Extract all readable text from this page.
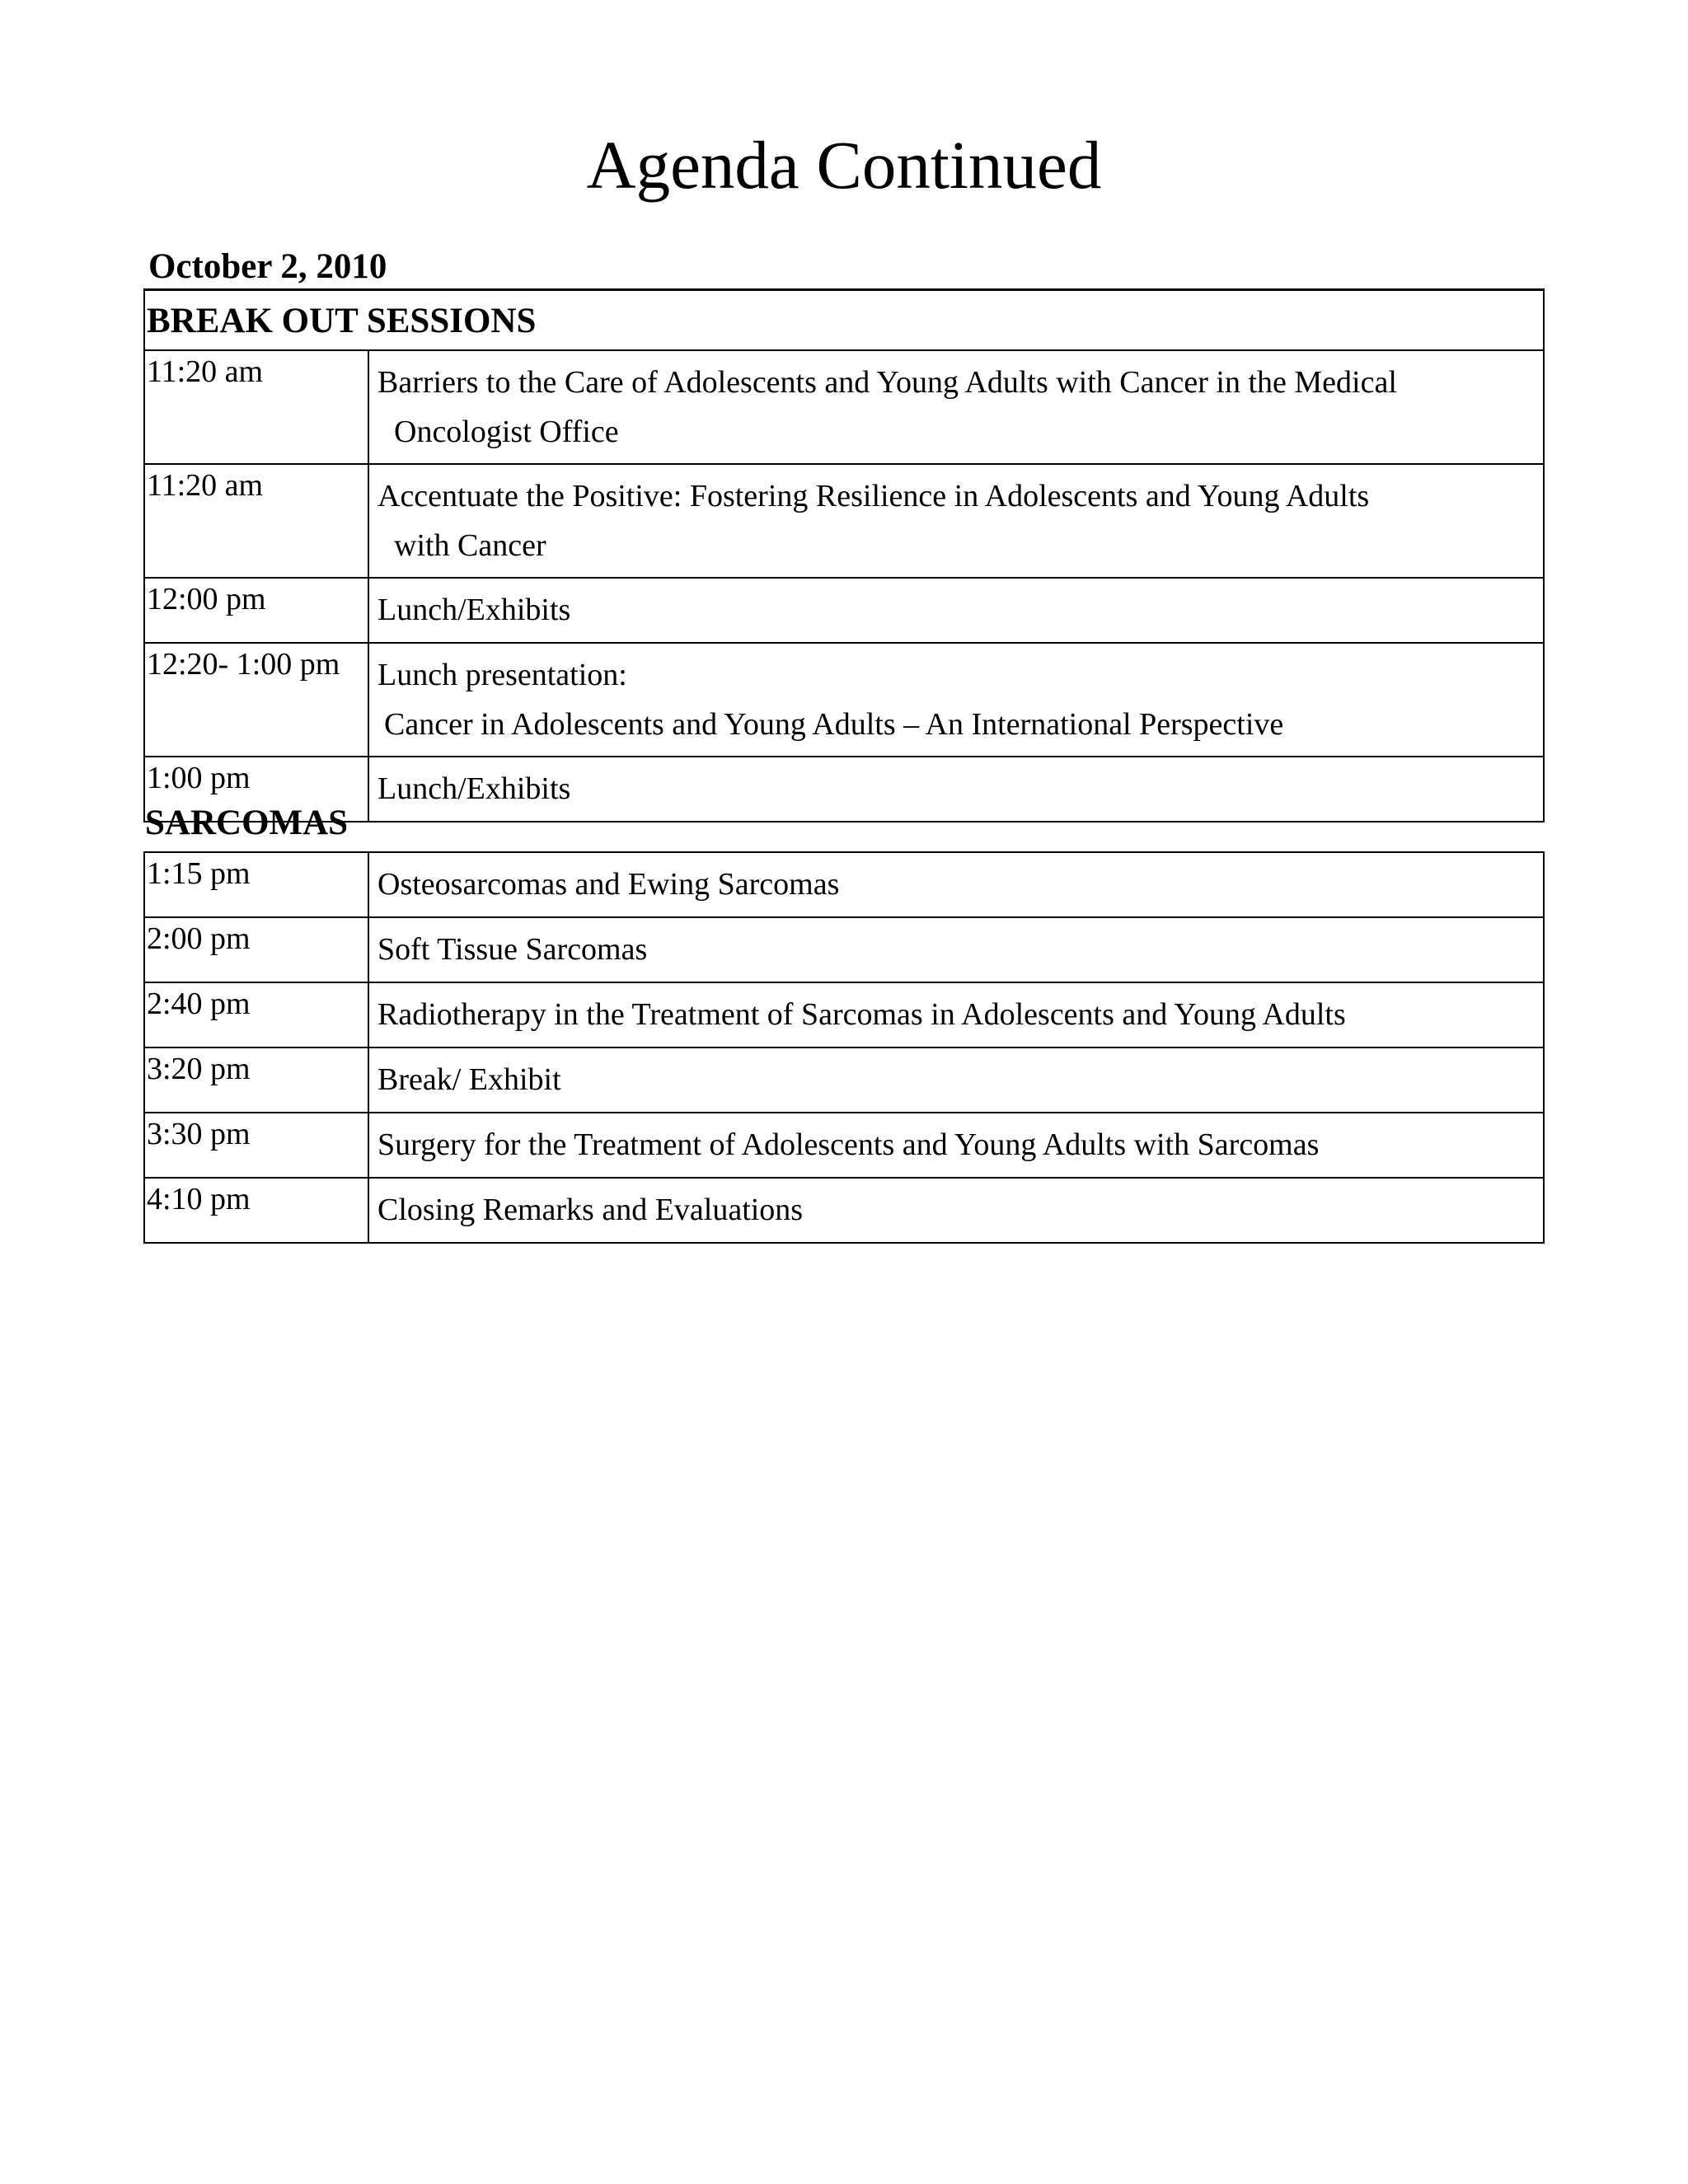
Agenda Continued
October 2, 2010
BREAK OUT SESSIONS
11:20 am	Barriers to the Care of Adolescents and Young Adults with Cancer in the Medical
Oncologist Office

11:20 am	Accentuate the Positive: Fostering Resilience in Adolescents and Young Adults
with Cancer

12:00 pm	Lunch/Exhibits
12:20- 1:00 pm	Lunch presentation:
Cancer in Adolescents and Young Adults – An International Perspective

1:00 pm	Lunch/Exhibits
SARCOMAS
1:15 pm	Osteosarcomas and Ewing Sarcomas
2:00 pm	Soft Tissue Sarcomas
2:40 pm	Radiotherapy in the Treatment of Sarcomas in Adolescents and Young Adults
3:20 pm	Break/ Exhibit
3:30 pm	Surgery for the Treatment of Adolescents and Young Adults with Sarcomas
4:10 pm	Closing Remarks and Evaluations
